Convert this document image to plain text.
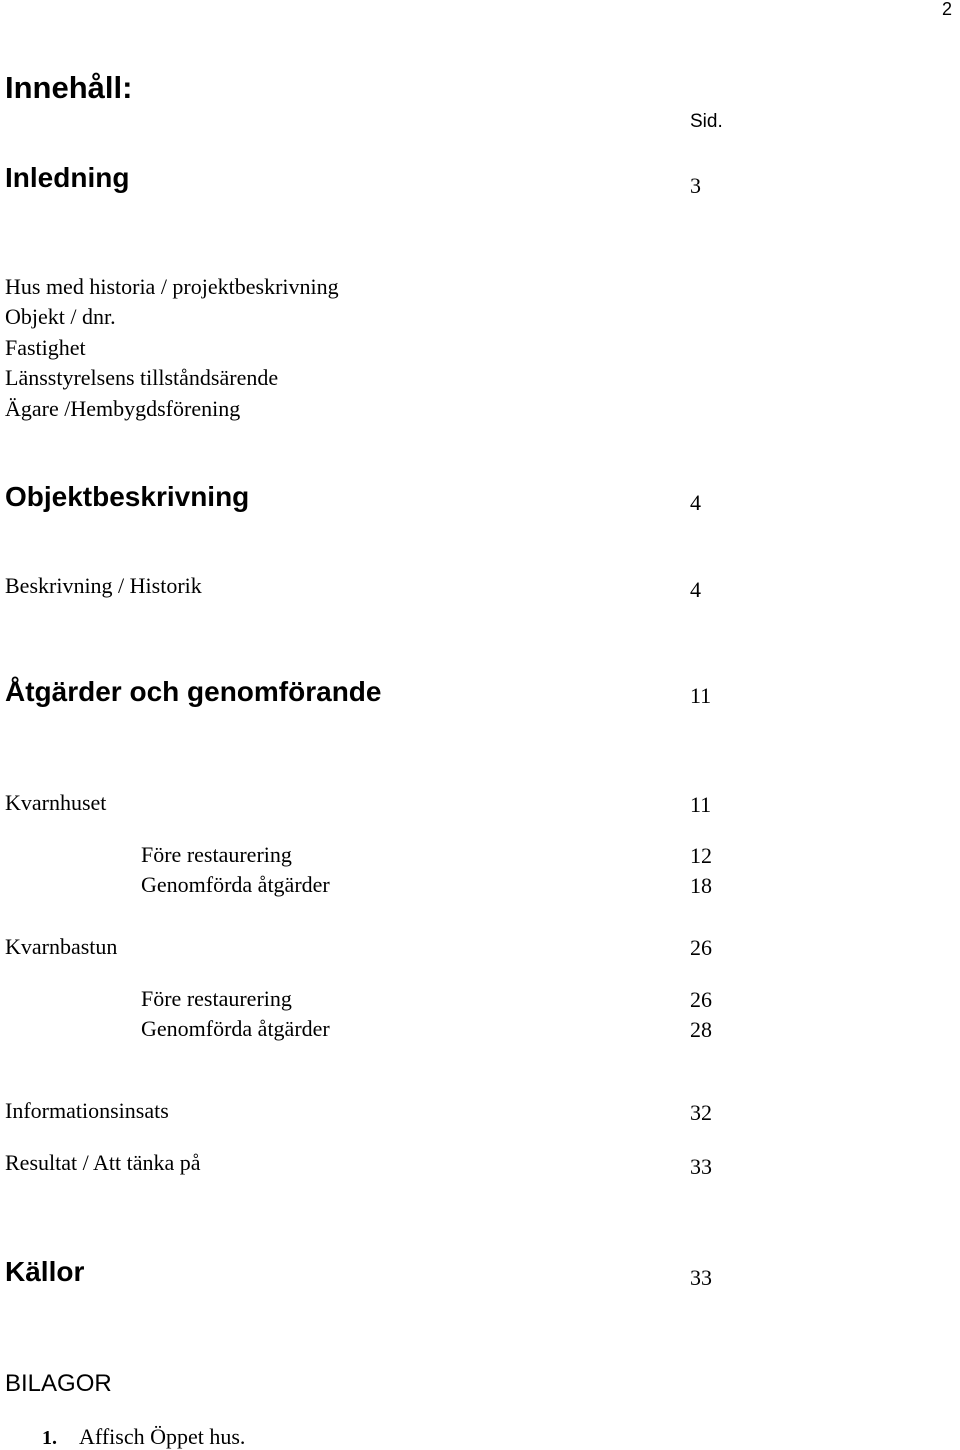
2
Innehåll:
Sid.
Inledning	3
Hus med historia / projektbeskrivning
Objekt / dnr.
Fastighet
Länsstyrelsens tillståndsärende
Ägare /Hembygdsförening
Objektbeskrivning	4
Beskrivning / Historik	4
Åtgärder och genomförande	11
Kvarnhuset	11
Före restaurering	12
Genomförda åtgärder	18
Kvarnbastun	26
Före restaurering	26
Genomförda åtgärder	28
Informationsinsats	32
Resultat / Att tänka på	33
Källor	33
BILAGOR
1. Affisch Öppet hus.
